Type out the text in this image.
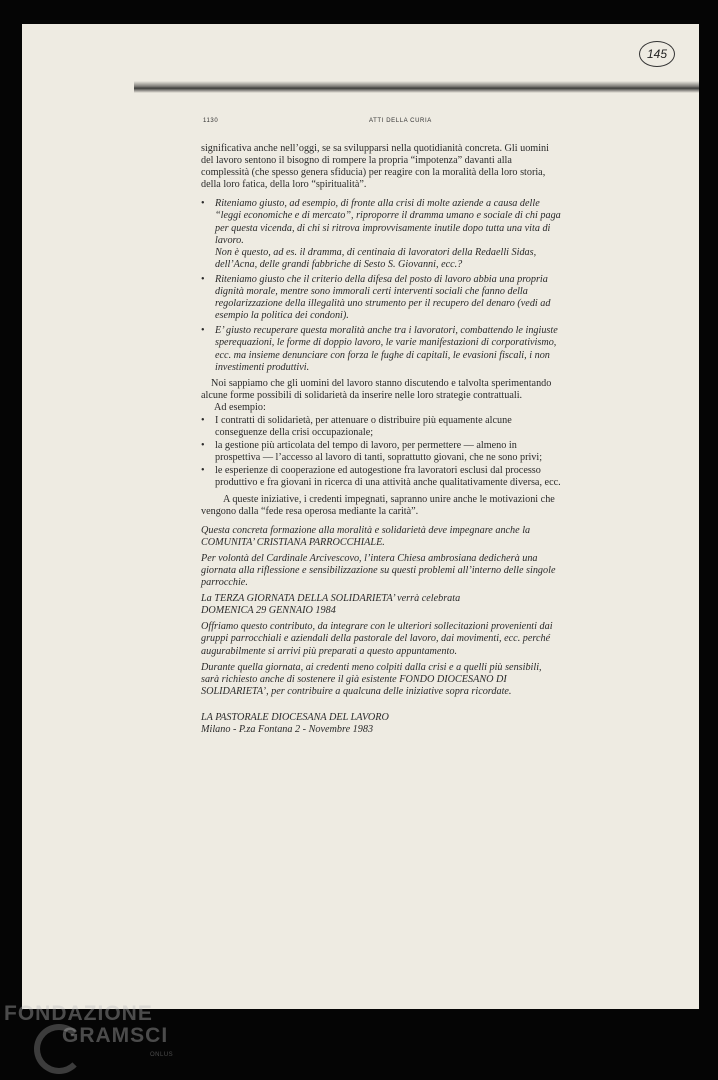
145
1130	ATTI DELLA CURIA

significativa anche nell’oggi, se sa svilupparsi nella quotidianità concreta. Gli uomini del lavoro sentono il bisogno di rompere la propria “impotenza” davanti alla complessità (che spesso genera sfiducia) per reagire con la moralità della loro storia, della loro fatica, della loro “spiritualità”.

• Riteniamo giusto, ad esempio, di fronte alla crisi di molte aziende a causa delle “leggi economiche e di mercato”, riproporre il dramma umano e sociale di chi paga per questa vicenda, di chi si ritrova improvvisamente inutile dopo tutta una vita di lavoro.
Non è questo, ad es. il dramma, di centinaia di lavoratori della Redaelli Sidas, dell’Acna, delle grandi fabbriche di Sesto S. Giovanni, ecc.?
• Riteniamo giusto che il criterio della difesa del posto di lavoro abbia una propria dignità morale, mentre sono immorali certi interventi sociali che fanno della regolarizzazione della illegalità uno strumento per il recupero del denaro (vedi ad esempio la politica dei condoni).
• E’ giusto recuperare questa moralità anche tra i lavoratori, combattendo le ingiuste sperequazioni, le forme di doppio lavoro, le varie manifestazioni di corporativismo, ecc. ma insieme denunciare con forza le fughe di capitali, le evasioni fiscali, i non investimenti produttivi.

Noi sappiamo che gli uomini del lavoro stanno discutendo e talvolta sperimentando alcune forme possibili di solidarietà da inserire nelle loro strategie contrattuali.

Ad esempio:

• I contratti di solidarietà, per attenuare o distribuire più equamente alcune conseguenze della crisi occupazionale;
• la gestione più articolata del tempo di lavoro, per permettere — almeno in prospettiva — l’accesso al lavoro di tanti, soprattutto giovani, che ne sono privi;
• le esperienze di cooperazione ed autogestione fra lavoratori esclusi dal processo produttivo e fra giovani in ricerca di una attività anche qualitativamente diversa, ecc.

A queste iniziative, i credenti impegnati, sapranno unire anche le motivazioni che vengono dalla “fede resa operosa mediante la carità”.

Questa concreta formazione alla moralità e solidarietà deve impegnare anche la COMUNITA’ CRISTIANA PARROCCHIALE.

Per volontà del Cardinale Arcivescovo, l’intera Chiesa ambrosiana dedicherà una giornata alla riflessione e sensibilizzazione su questi problemi all’interno delle singole parrocchie.

La TERZA GIORNATA DELLA SOLIDARIETA’ verrà celebrata

DOMENICA 29 GENNAIO 1984

Offriamo questo contributo, da integrare con le ulteriori sollecitazioni provenienti dai gruppi parrocchiali e aziendali della pastorale del lavoro, dai movimenti, ecc. perché augurabilmente si arrivi più preparati a questo appuntamento.

Durante quella giornata, ai credenti meno colpiti dalla crisi e a quelli più sensibili, sarà richiesto anche di sostenere il già esistente FONDO DIOCESANO DI SOLIDARIETA’, per contribuire a qualcuna delle iniziative sopra ricordate.

LA PASTORALE DIOCESANA DEL LAVORO

Milano - P.za Fontana 2 - Novembre 1983

FONDAZIONE
GRAMSCI
ONLUS
